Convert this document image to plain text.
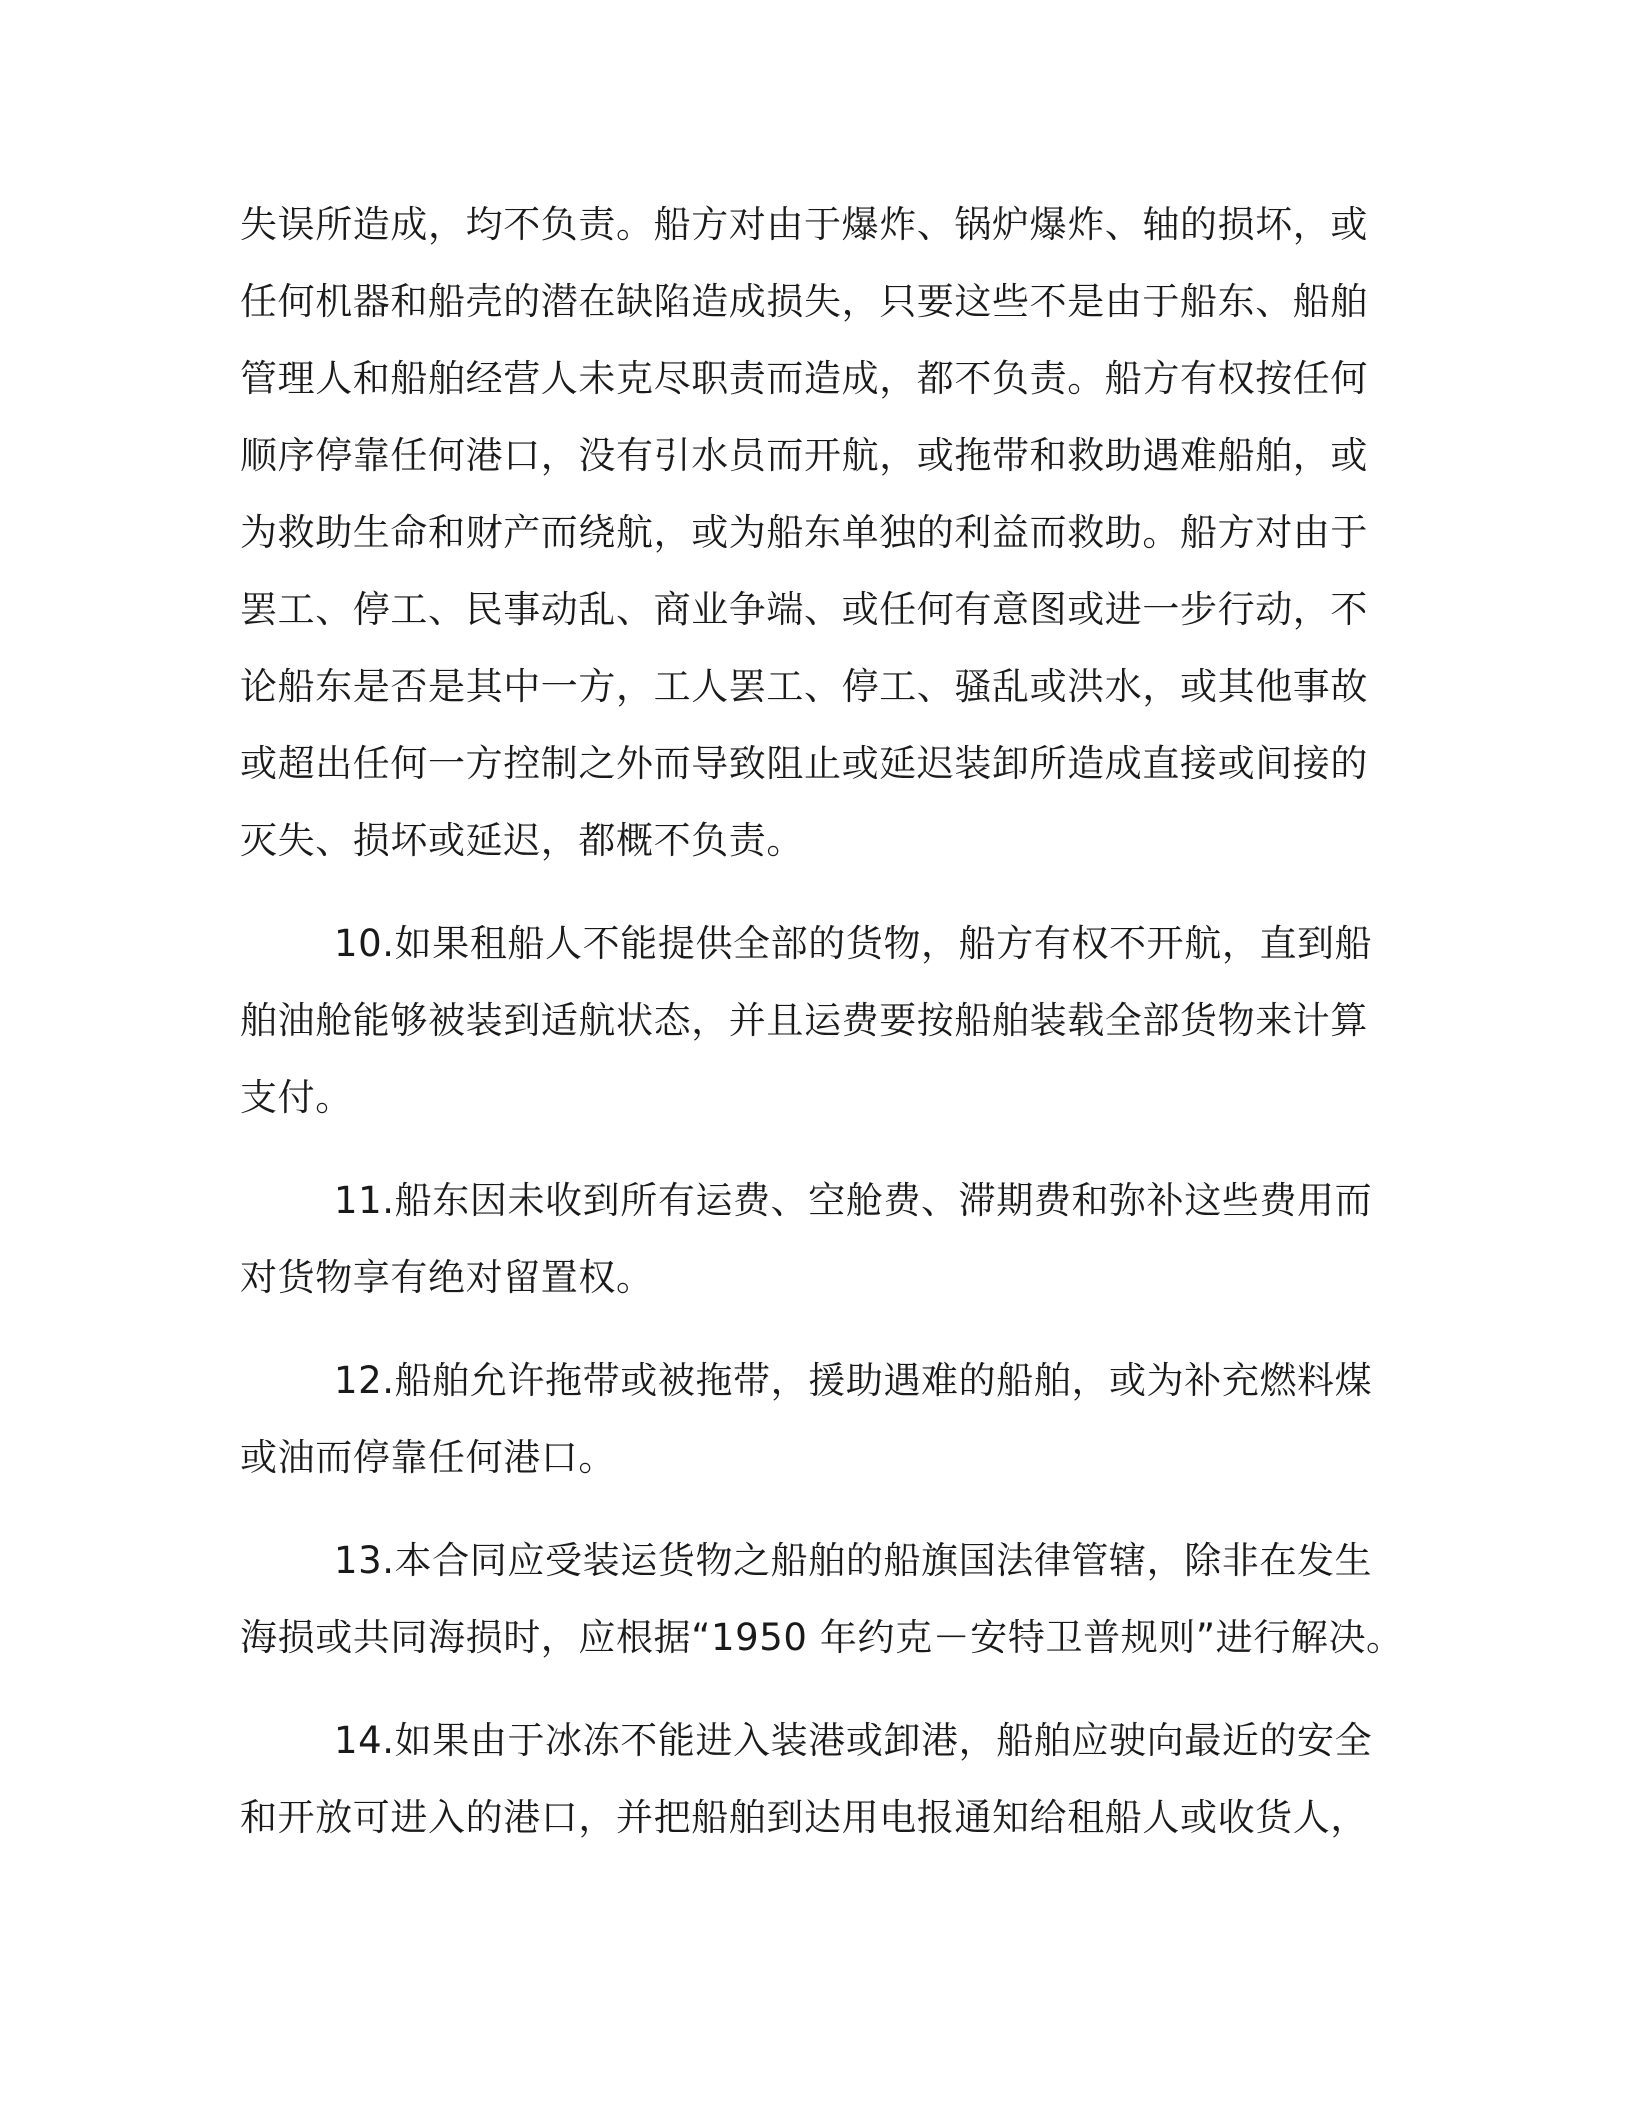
失误所造成，均不负责。船方对由于爆炸、锅炉爆炸、轴的损坏，或
任何机器和船壳的潜在缺陷造成损失，只要这些不是由于船东、船舶
管理人和船舶经营人未克尽职责而造成，都不负责。船方有权按任何
顺序停靠任何港口，没有引水员而开航，或拖带和救助遇难船舶，或
为救助生命和财产而绕航，或为船东单独的利益而救助。船方对由于
罢工、停工、民事动乱、商业争端、或任何有意图或进一步行动，不
论船东是否是其中一方，工人罢工、停工、骚乱或洪水，或其他事故
或超出任何一方控制之外而导致阻止或延迟装卸所造成直接或间接的
灭失、损坏或延迟，都概不负责。

10.如果租船人不能提供全部的货物，船方有权不开航，直到船
舶油舱能够被装到适航状态，并且运费要按船舶装载全部货物来计算
支付。

11.船东因未收到所有运费、空舱费、滞期费和弥补这些费用而
对货物享有绝对留置权。

12.船舶允许拖带或被拖带，援助遇难的船舶，或为补充燃料煤
或油而停靠任何港口。

13.本合同应受装运货物之船舶的船旗国法律管辖，除非在发生
海损或共同海损时，应根据“1950 年约克－安特卫普规则”进行解决。

14.如果由于冰冻不能进入装港或卸港，船舶应驶向最近的安全
和开放可进入的港口，并把船舶到达用电报通知给租船人或收货人，
